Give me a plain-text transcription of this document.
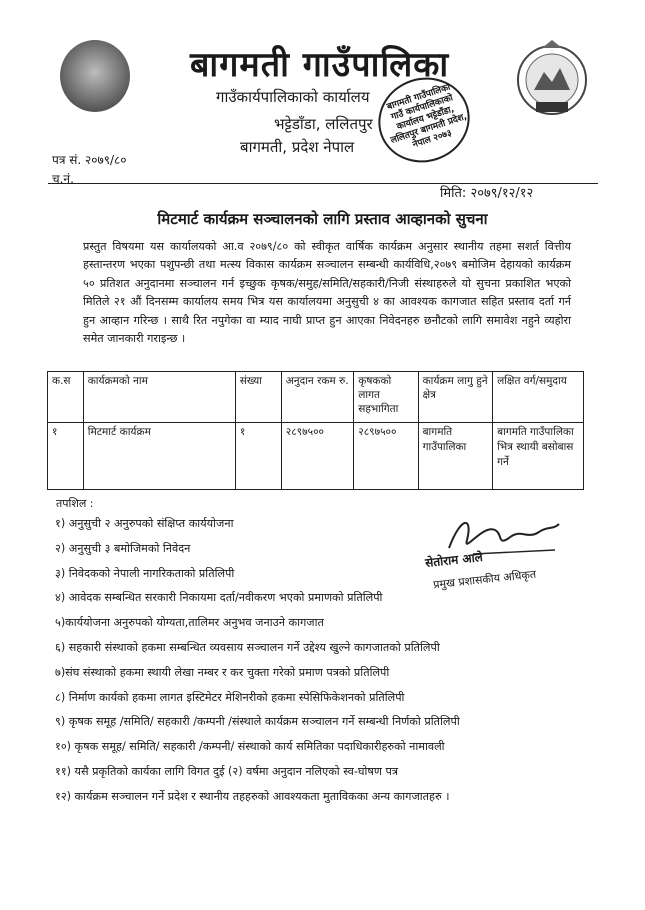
बागमती गाउँपालिका गाउँ कार्यपालिकाको कार्यालय भट्टेडाँडा, ललितपुर बागमती प्रदेश, नेपाल २०७३
बागमती गाउँपालिका
गाउँकार्यपालिकाको कार्यालय
भट्टेडाँडा, ललितपुर
बागमती, प्रदेश नेपाल
पत्र सं. २०७९/८०
च.नं.
मिति: २०७९/१२/१२
मिटमार्ट कार्यक्रम सञ्चालनको लागि प्रस्ताव आव्हानको सुचना
प्रस्तुत विषयमा यस कार्यालयको आ.व २०७९/८० को स्वीकृत वार्षिक कार्यक्रम अनुसार स्थानीय तहमा सशर्त वित्तीय हस्तान्तरण भएका पशुपन्छी तथा मत्स्य विकास कार्यक्रम सञ्चालन सम्बन्धी कार्यविधि,२०७९ बमोजिम देहायको कार्यक्रम ५० प्रतिशत अनुदानमा सञ्चालन गर्न इच्छुक कृषक/समुह/समिति/सहकारी/निजी संस्थाहरुले यो सुचना प्रकाशित भएको मितिले २१ औं दिनसम्म कार्यालय समय भित्र यस कार्यालयमा अनुसुची ४ का आवश्यक कागजात सहित प्रस्ताव दर्ता गर्न हुन आव्हान गरिन्छ । साथै रित नपुगेका वा म्याद नाघी प्राप्त हुन आएका निवेदनहरु छनौटको लागि समावेश नहुने व्यहोरा समेत जानकारी गराइन्छ ।
क.स	कार्यक्रमको नाम	संख्या	अनुदान रकम रु.	कृषकको लागत सहभागिता	कार्यक्रम लागु हुने क्षेत्र	लक्षित वर्ग/समुदाय
१	मिटमार्ट कार्यक्रम	१	२८९७५००	२८९७५००	बागमति गाउँपालिका	बागमति गाउँपालिका भित्र स्थायी बसोबास गर्ने
तपशिल :
१) अनुसुची २ अनुरुपको संक्षिप्त कार्ययोजना
२) अनुसुची ३ बमोजिमको निवेदन
३) निवेदकको नेपाली नागरिकताको प्रतिलिपी
४) आवेदक सम्बन्धित सरकारी निकायमा दर्ता/नवीकरण भएको प्रमाणको प्रतिलिपी
५)कार्ययोजना अनुरुपको योग्यता,तालिमर अनुभव जनाउने कागजात
६) सहकारी संस्थाको हकमा सम्बन्धित व्यवसाय सञ्चालन गर्ने उद्देश्य खुल्ने कागजातको प्रतिलिपी
७)संघ संस्थाको हकमा स्थायी लेखा नम्बर र कर चुक्ता गरेको प्रमाण पत्रको प्रतिलिपी
८) निर्माण कार्यको हकमा लागत इस्टिमेटर मेशिनरीको हकमा स्पेसिफिकेशनको प्रतिलिपी
९) कृषक समूह /समिति/ सहकारी /कम्पनी /संस्थाले कार्यक्रम सञ्चालन गर्ने सम्बन्धी निर्णको प्रतिलिपी
१०) कृषक समूह/ समिति/ सहकारी /कम्पनी/ संस्थाको कार्य समितिका पदाधिकारीहरुको नामावली
११) यसै प्रकृतिको कार्यका लागि विगत दुई (२) वर्षमा अनुदान नलिएको स्व-घोषण पत्र
१२) कार्यक्रम सञ्चालन गर्ने प्रदेश र स्थानीय तहहरुको आवश्यकता मुताविकका अन्य कागजातहरु ।
सेतोराम आले
प्रमुख प्रशासकीय अधिकृत
